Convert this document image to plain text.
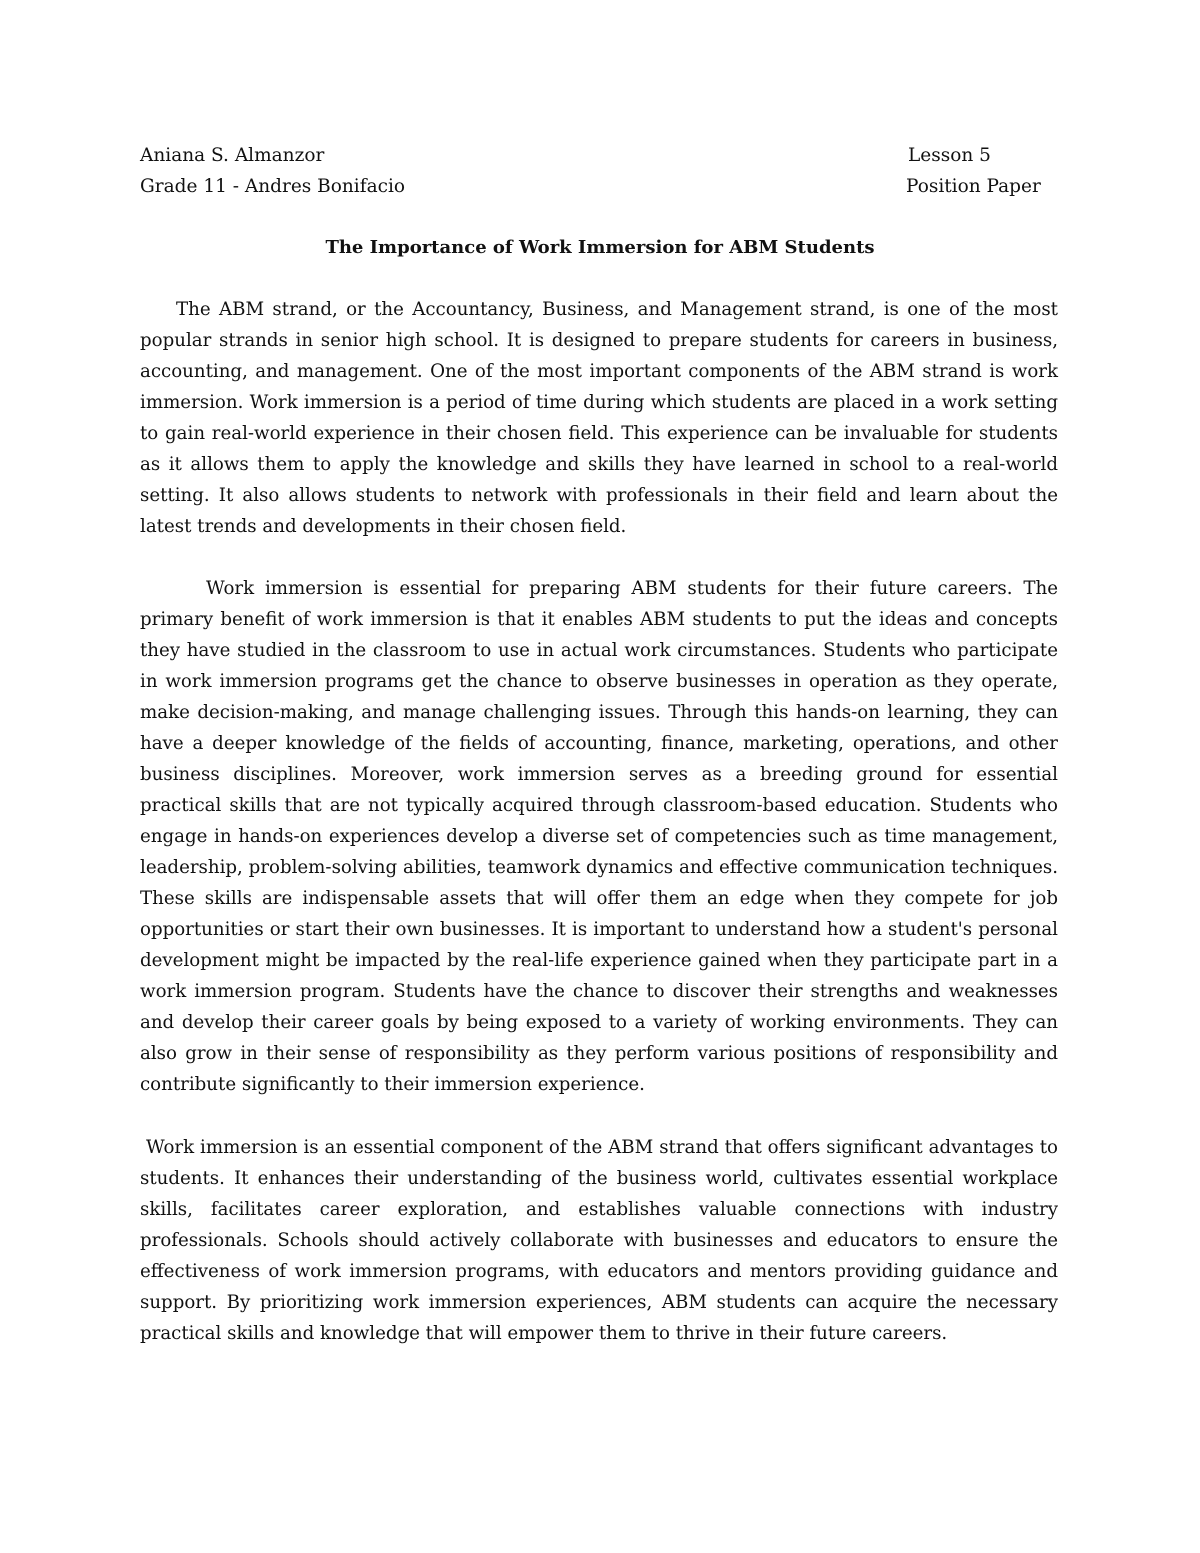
Aniana S. Almanzor	Lesson 5
Grade 11 - Andres Bonifacio	Position Paper
The Importance of Work Immersion for ABM Students

The ABM strand, or the Accountancy, Business, and Management strand, is one of the most popular strands in senior high school. It is designed to prepare students for careers in business, accounting, and management. One of the most important components of the ABM strand is work immersion. Work immersion is a period of time during which students are placed in a work setting to gain real-world experience in their chosen field. This experience can be invaluable for students as it allows them to apply the knowledge and skills they have learned in school to a real-world setting. It also allows students to network with professionals in their field and learn about the latest trends and developments in their chosen field.

Work immersion is essential for preparing ABM students for their future careers. The primary benefit of work immersion is that it enables ABM students to put the ideas and concepts they have studied in the classroom to use in actual work circumstances. Students who participate in work immersion programs get the chance to observe businesses in operation as they operate, make decision-making, and manage challenging issues. Through this hands-on learning, they can have a deeper knowledge of the fields of accounting, finance, marketing, operations, and other business disciplines. Moreover, work immersion serves as a breeding ground for essential practical skills that are not typically acquired through classroom-based education. Students who engage in hands-on experiences develop a diverse set of competencies such as time management, leadership, problem-solving abilities, teamwork dynamics and effective communication techniques. These skills are indispensable assets that will offer them an edge when they compete for job opportunities or start their own businesses. It is important to understand how a student's personal development might be impacted by the real-life experience gained when they participate part in a work immersion program. Students have the chance to discover their strengths and weaknesses and develop their career goals by being exposed to a variety of working environments. They can also grow in their sense of responsibility as they perform various positions of responsibility and contribute significantly to their immersion experience.

Work immersion is an essential component of the ABM strand that offers significant advantages to students. It enhances their understanding of the business world, cultivates essential workplace skills, facilitates career exploration, and establishes valuable connections with industry professionals. Schools should actively collaborate with businesses and educators to ensure the effectiveness of work immersion programs, with educators and mentors providing guidance and support. By prioritizing work immersion experiences, ABM students can acquire the necessary practical skills and knowledge that will empower them to thrive in their future careers.
